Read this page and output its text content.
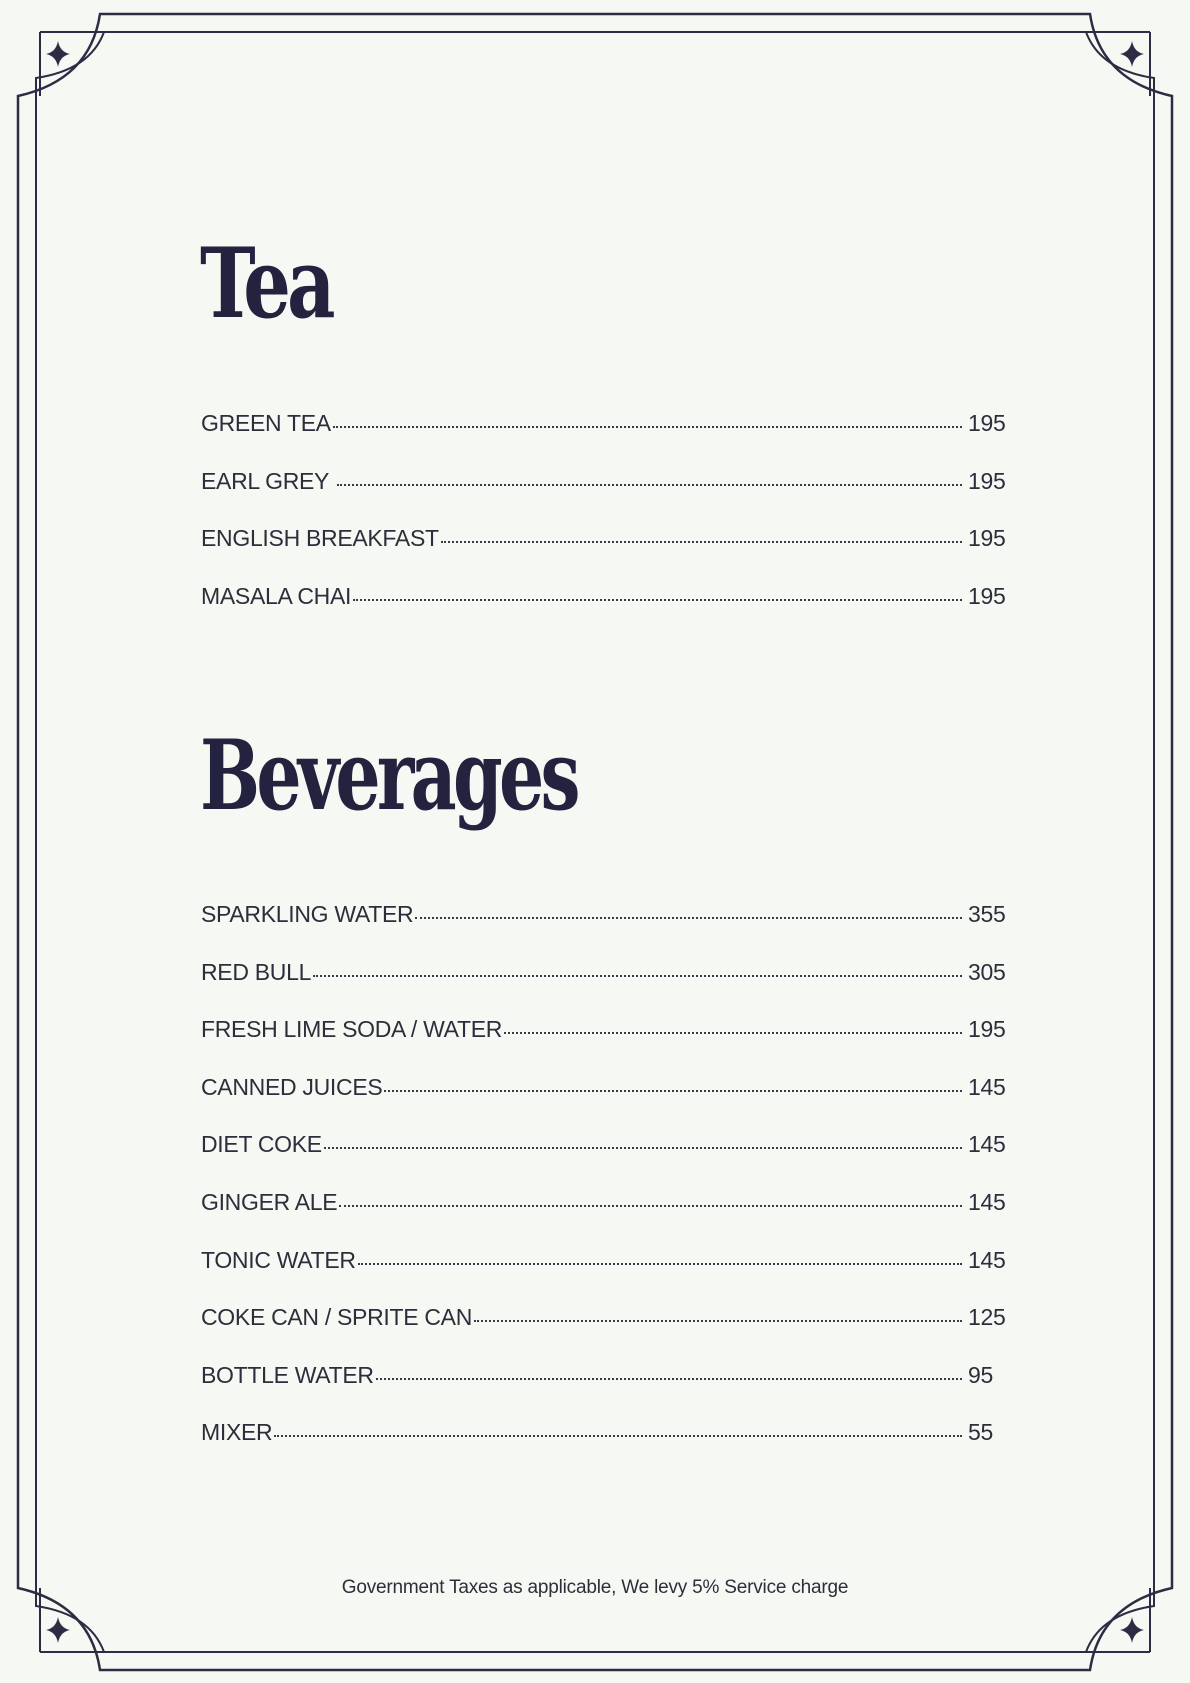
Tea
GREEN TEA	195
EARL GREY	195
ENGLISH BREAKFAST	195
MASALA CHAI	195
Beverages
SPARKLING WATER	355
RED BULL	305
FRESH LIME SODA / WATER	195
CANNED JUICES	145
DIET COKE	145
GINGER ALE	145
TONIC WATER	145
COKE CAN / SPRITE CAN	125
BOTTLE WATER	95
MIXER	55
Government Taxes as applicable, We levy 5% Service charge
